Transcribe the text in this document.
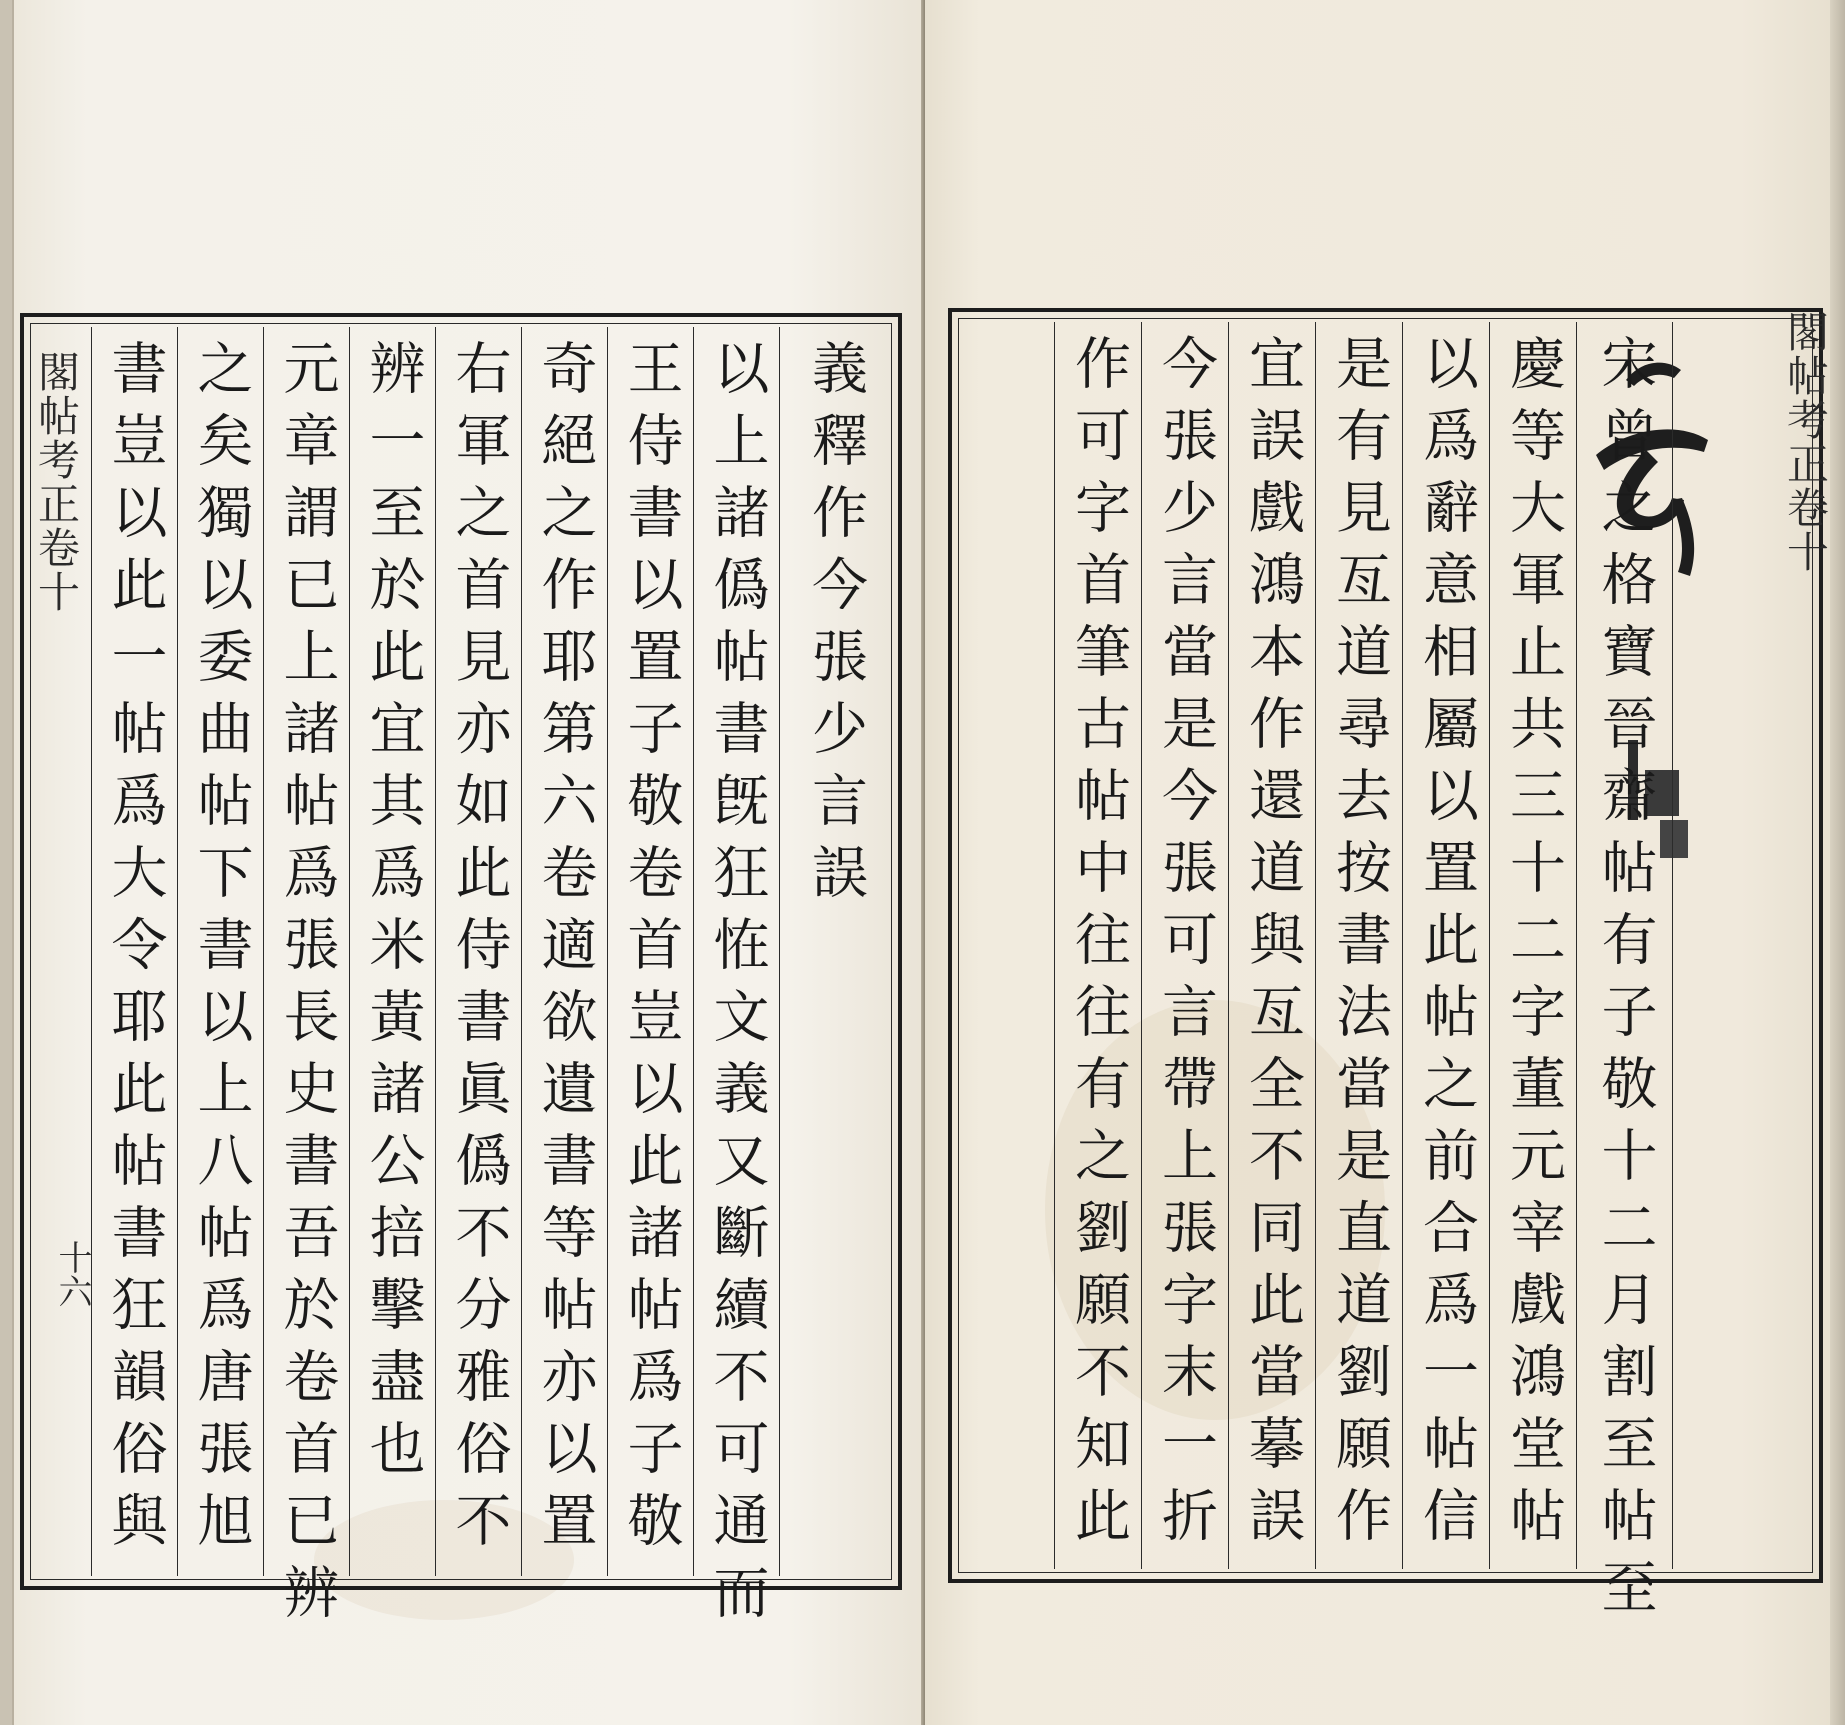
義釋作今張少言誤
以上諸僞帖書旣狂恠文義又斷續不可通而
王侍書以置子敬卷首豈以此諸帖爲子敬
奇絕之作耶第六卷適欲遺書等帖亦以置
右軍之首見亦如此侍書眞僞不分雅俗不
辨一至於此宜其爲米黃諸公掊擊盡也
元章謂已上諸帖爲張長史書吾於卷首已辨
之矣獨以委曲帖下書以上八帖爲唐張旭
書豈以此一帖爲大令耶此帖書狂韻俗與
閣帖考正卷十
十六	宋曾之格寶晉齋帖有子敬十二月割至帖至
慶等大軍止共三十二字董元宰戲鴻堂帖
以爲辭意相屬以置此帖之前合爲一帖信
是有見亙道尋去按書法當是直道劉願作
宜誤戲鴻本作還道與亙全不同此當摹誤
今張少言當是今張可言帶上張字末一折
作可字首筆古帖中往往有之劉願不知此	閣帖考正卷十
